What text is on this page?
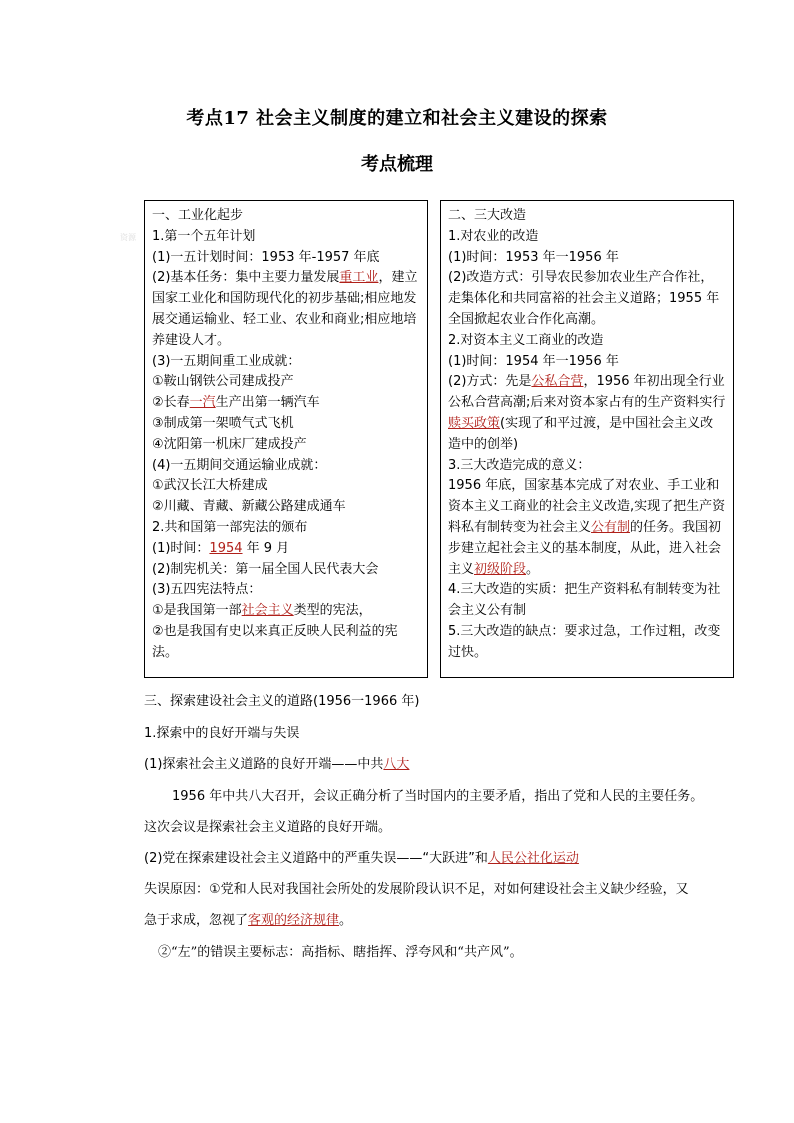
考点17 社会主义制度的建立和社会主义建设的探索
考点梳理
资源

一、工业化起步

1.第一个五年计划

(1)一五计划时间：1953 年-1957 年底

(2)基本任务：集中主要力量发展重工业，建立国家工业化和国防现代化的初步基础;相应地发展交通运输业、轻工业、农业和商业;相应地培养建设人才。

(3)一五期间重工业成就：

①鞍山钢铁公司建成投产

②长春一汽生产出第一辆汽车

③制成第一架喷气式飞机

④沈阳第一机床厂建成投产

(4)一五期间交通运输业成就：

①武汉长江大桥建成

②川藏、青藏、新藏公路建成通车

2.共和国第一部宪法的颁布

(1)时间：1954 年 9 月

(2)制宪机关：第一届全国人民代表大会

(3)五四宪法特点：

①是我国第一部社会主义类型的宪法，

②也是我国有史以来真正反映人民利益的宪法。

二、三大改造

1.对农业的改造

(1)时间：1953 年一1956 年

(2)改造方式：引导农民参加农业生产合作社，走集体化和共同富裕的社会主义道路；1955 年全国掀起农业合作化高潮。

2.对资本主义工商业的改造

(1)时间：1954 年一1956 年

(2)方式：先是公私合营，1956 年初出现全行业公私合营高潮;后来对资本家占有的生产资料实行赎买政策(实现了和平过渡，是中国社会主义改造中的创举)

3.三大改造完成的意义：

1956 年底，国家基本完成了对农业、手工业和资本主义工商业的社会主义改造,实现了把生产资料私有制转变为社会主义公有制的任务。我国初步建立起社会主义的基本制度，从此，进入社会主义初级阶段。

4.三大改造的实质：把生产资料私有制转变为社会主义公有制

5.三大改造的缺点：要求过急，工作过粗，改变过快。

三、探索建设社会主义的道路(1956一1966 年)
1.探索中的良好开端与失误
(1)探索社会主义道路的良好开端——中共八大
1956 年中共八大召开，会议正确分析了当时国内的主要矛盾，指出了党和人民的主要任务。
这次会议是探索社会主义道路的良好开端。
(2)党在探索建设社会主义道路中的严重失误——“大跃进”和人民公社化运动
失误原因：①党和人民对我国社会所处的发展阶段认识不足，对如何建设社会主义缺少经验，又
急于求成，忽视了客观的经济规律。
②“左”的错误主要标志：高指标、瞎指挥、浮夸风和“共产风”。
